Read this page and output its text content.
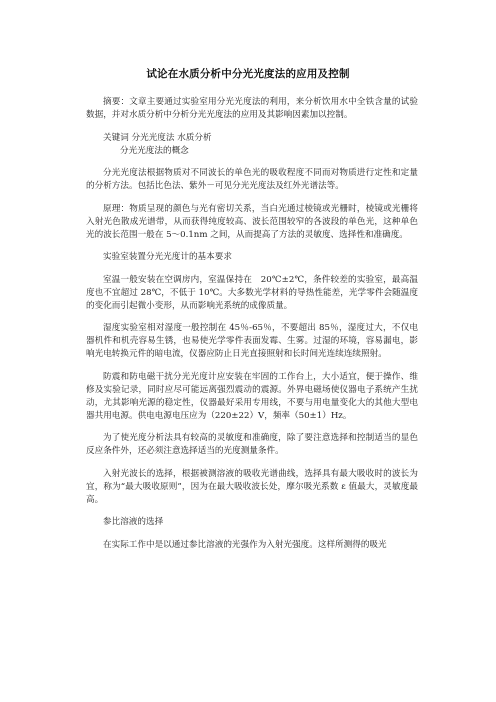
试论在水质分析中分光光度法的应用及控制

摘要：文章主要通过实验室用分光光度法的利用，来分析饮用水中全铁含量的试验数据，并对水质分析中分析分光光度法的应用及其影响因素加以控制。

关键词 分光光度法 水质分析

分光光度法的概念

分光光度法根据物质对不同波长的单色光的吸收程度不同而对物质进行定性和定量的分析方法。包括比色法、紫外－可见分光光度法及红外光谱法等。

原理：物质呈现的颜色与光有密切关系，当白光通过棱镜或光栅时，棱镜或光栅将入射光色散成光谱带，从而获得纯度较高、波长范围较窄的各波段的单色光，这种单色光的波长范围一般在 5～0.1nm 之间，从而提高了方法的灵敏度、选择性和准确度。

实验室装置分光光度计的基本要求

室温一般安装在空调房内，室温保持在　20℃±2℃，条件较差的实验室，最高温度也不宜超过 28℃，不低于 10℃。大多数光学材料的导热性能差，光学零件会随温度的变化而引起微小变形，从而影响光系统的成像质量。

湿度实验室相对湿度一般控制在 45％-65％，不要超出 85％，湿度过大，不仅电器机件和机壳容易生锈，也易使光学零件表面发霉、生雾。过湿的环境，容易漏电，影响光电转换元件的暗电流，仪器应防止日光直接照射和长时间光连续连续照射。

防震和防电磁干扰分光光度计应安装在牢固的工作台上，大小适宜，便于操作、维修及实验记录，同时应尽可能远离强烈震动的震源。外界电磁场使仪器电子系统产生扰动，尤其影响光源的稳定性，仪器最好采用专用线，不要与用电量变化大的其他大型电器共用电源。供电电源电压应为（220±22）V，频率（50±1）Hz。

为了使光度分析法具有较高的灵敏度和准确度，除了要注意选择和控制适当的显色反应条件外，还必须注意选择适当的光度测量条件。

入射光波长的选择，根据被测溶液的吸收光谱曲线，选择具有最大吸收时的波长为宜，称为“最大吸收原则”，因为在最大吸收波长处，摩尔吸光系数 ε 值最大，灵敏度最高。

参比溶液的选择

在实际工作中是以通过参比溶液的光强作为入射光强度。这样所测得的吸光
